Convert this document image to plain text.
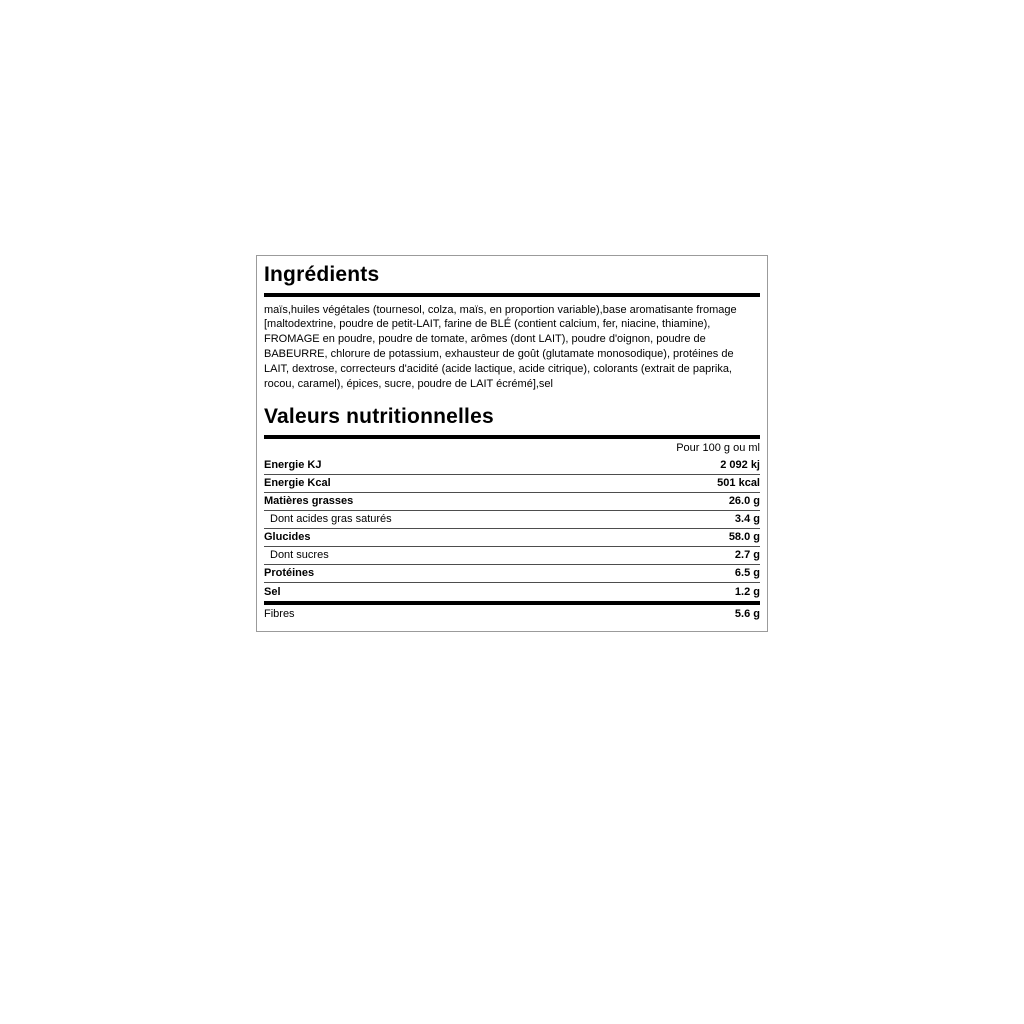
Ingrédients
maïs,huiles végétales (tournesol, colza, maïs, en proportion variable),base aromatisante fromage [maltodextrine, poudre de petit-LAIT, farine de BLÉ (contient calcium, fer, niacine, thiamine), FROMAGE en poudre, poudre de tomate, arômes (dont LAIT), poudre d'oignon, poudre de BABEURRE, chlorure de potassium, exhausteur de goût (glutamate monosodique), protéines de LAIT, dextrose, correcteurs d'acidité (acide lactique, acide citrique), colorants (extrait de paprika, rocou, caramel), épices, sucre, poudre de LAIT écrémé],sel
Valeurs nutritionnelles
Pour 100 g ou ml
Energie KJ	2 092 kj
Energie Kcal	501 kcal
Matières grasses	26.0 g
Dont acides gras saturés	3.4 g
Glucides	58.0 g
Dont sucres	2.7 g
Protéines	6.5 g
Sel	1.2 g
Fibres	5.6 g
